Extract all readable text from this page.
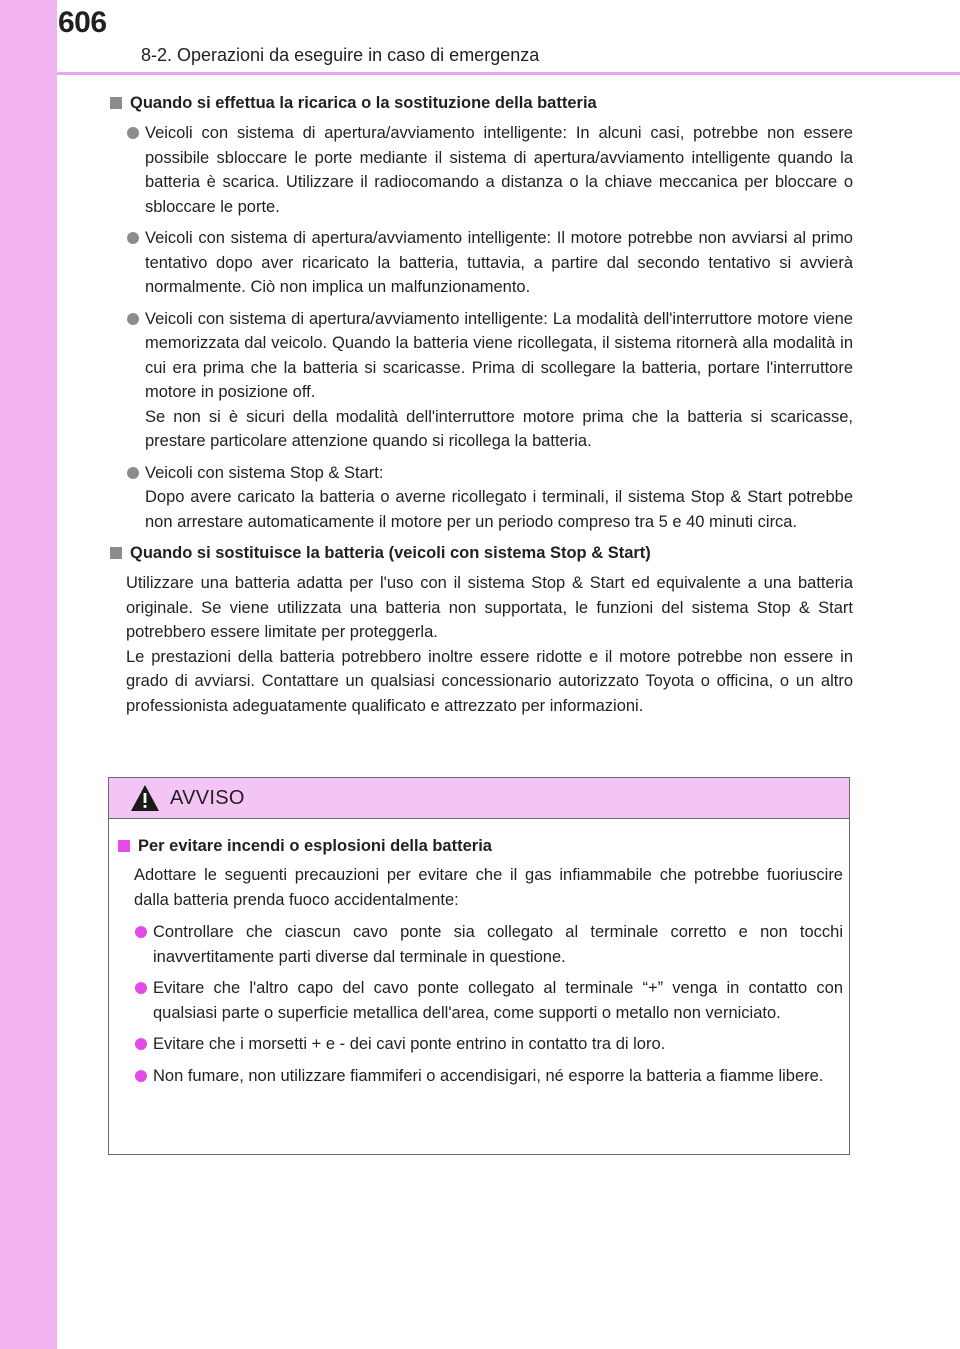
606
8-2. Operazioni da eseguire in caso di emergenza
Quando si effettua la ricarica o la sostituzione della batteria
Veicoli con sistema di apertura/avviamento intelligente: In alcuni casi, potrebbe non essere possibile sbloccare le porte mediante il sistema di apertura/avviamento intelligente quando la batteria è scarica. Utilizzare il radiocomando a distanza o la chiave meccanica per bloccare o sbloccare le porte.
Veicoli con sistema di apertura/avviamento intelligente: Il motore potrebbe non avviarsi al primo tentativo dopo aver ricaricato la batteria, tuttavia, a partire dal secondo tentativo si avvierà normalmente. Ciò non implica un malfunzionamento.
Veicoli con sistema di apertura/avviamento intelligente: La modalità dell'interruttore motore viene memorizzata dal veicolo. Quando la batteria viene ricollegata, il sistema ritornerà alla modalità in cui era prima che la batteria si scaricasse. Prima di scollegare la batteria, portare l'interruttore motore in posizione off.
Se non si è sicuri della modalità dell'interruttore motore prima che la batteria si scaricasse, prestare particolare attenzione quando si ricollega la batteria.
Veicoli con sistema Stop & Start:
Dopo avere caricato la batteria o averne ricollegato i terminali, il sistema Stop & Start potrebbe non arrestare automaticamente il motore per un periodo compreso tra 5 e 40 minuti circa.
Quando si sostituisce la batteria (veicoli con sistema Stop & Start)
Utilizzare una batteria adatta per l'uso con il sistema Stop & Start ed equivalente a una batteria originale. Se viene utilizzata una batteria non supportata, le funzioni del sistema Stop & Start potrebbero essere limitate per proteggerla.
Le prestazioni della batteria potrebbero inoltre essere ridotte e il motore potrebbe non essere in grado di avviarsi. Contattare un qualsiasi concessionario autorizzato Toyota o officina, o un altro professionista adeguatamente qualificato e attrezzato per informazioni.
AVVISO
Per evitare incendi o esplosioni della batteria
Adottare le seguenti precauzioni per evitare che il gas infiammabile che potrebbe fuoriuscire dalla batteria prenda fuoco accidentalmente:
Controllare che ciascun cavo ponte sia collegato al terminale corretto e non tocchi inavvertitamente parti diverse dal terminale in questione.
Evitare che l'altro capo del cavo ponte collegato al terminale “+” venga in contatto con qualsiasi parte o superficie metallica dell'area, come supporti o metallo non verniciato.
Evitare che i morsetti + e - dei cavi ponte entrino in contatto tra di loro.
Non fumare, non utilizzare fiammiferi o accendisigari, né esporre la batteria a fiamme libere.
